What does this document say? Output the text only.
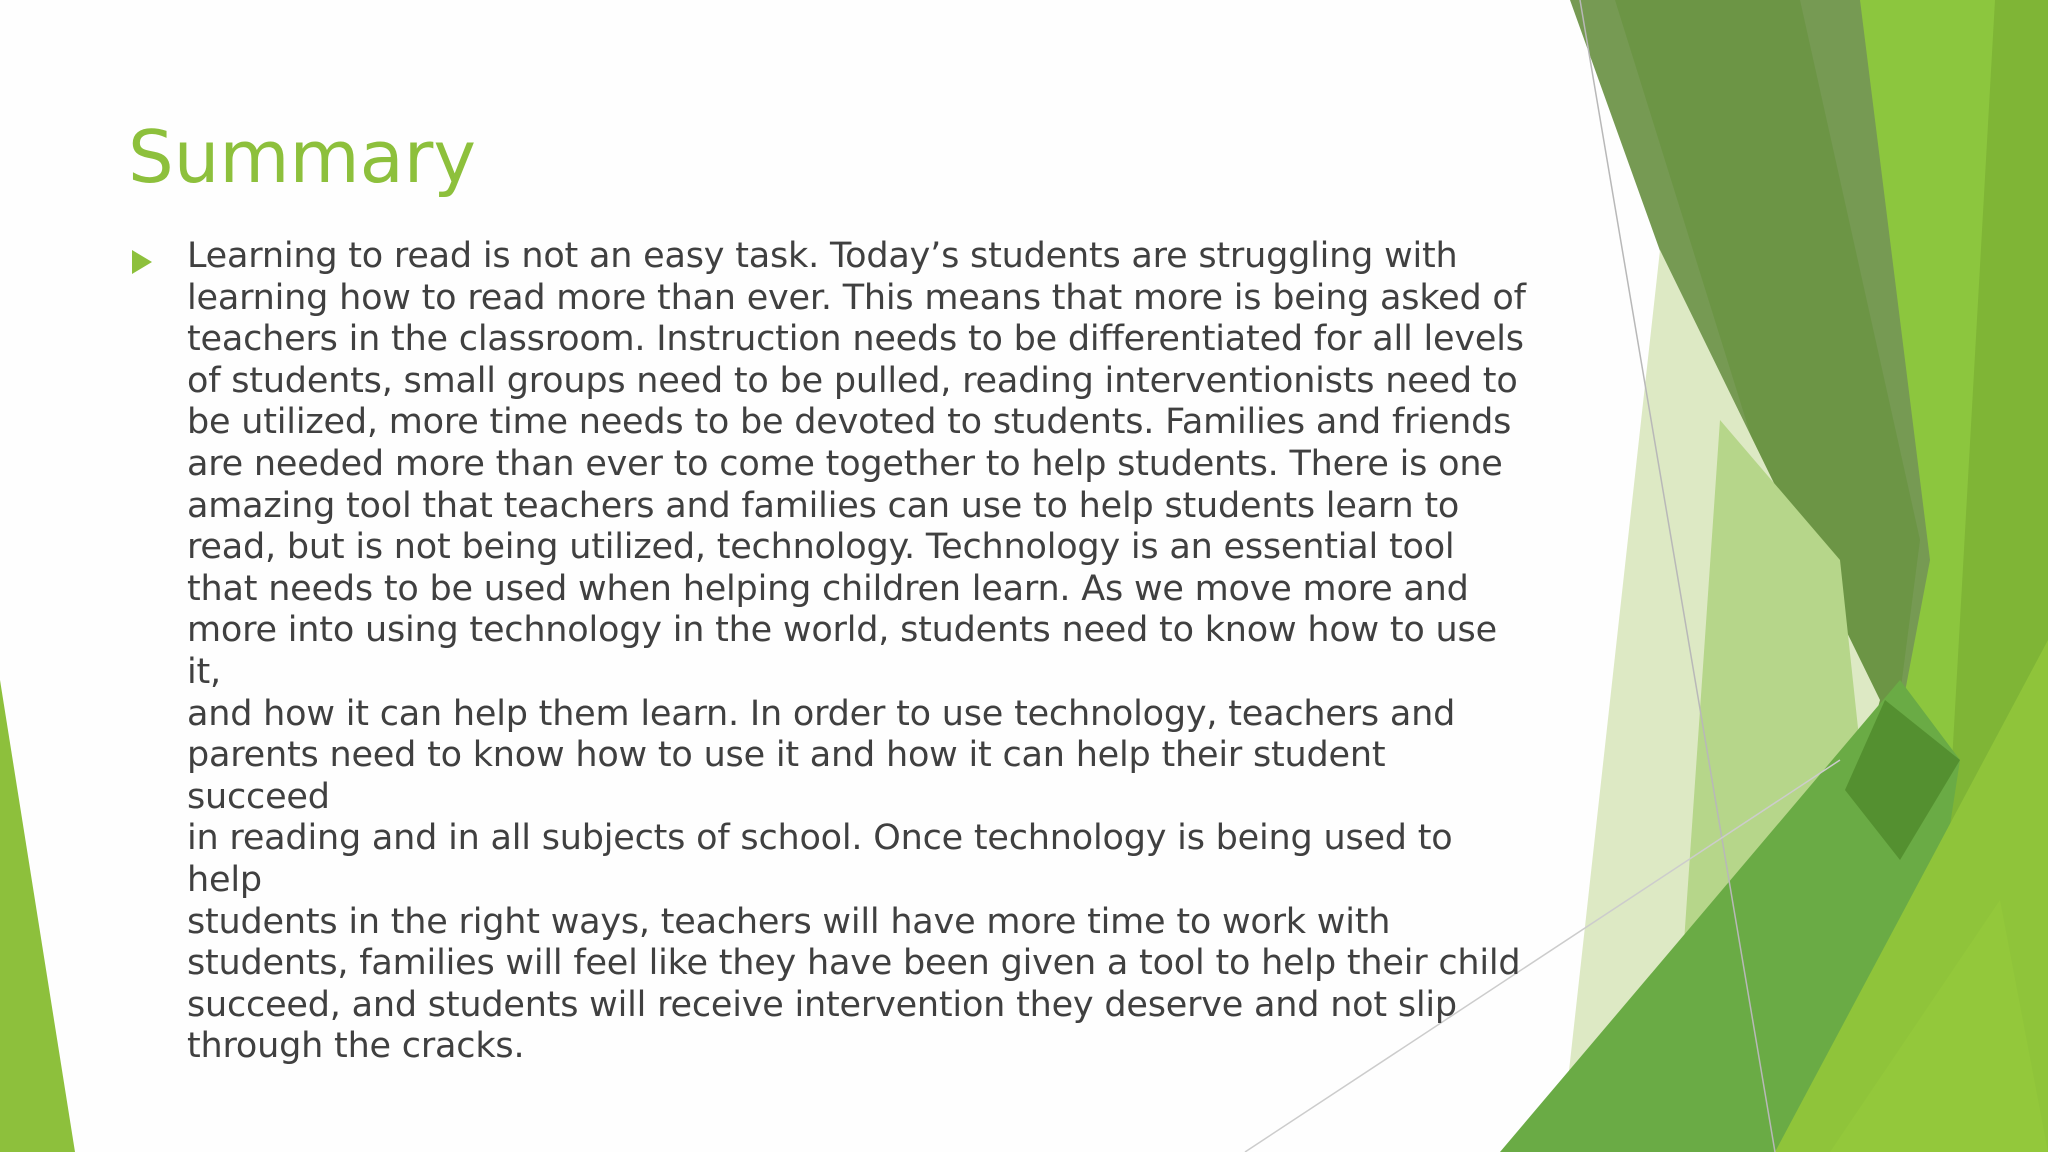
Summary

Learning to read is not an easy task. Today’s students are struggling with
learning how to read more than ever. This means that more is being asked of
teachers in the classroom. Instruction needs to be differentiated for all levels
of students, small groups need to be pulled, reading interventionists need to
be utilized, more time needs to be devoted to students. Families and friends
are needed more than ever to come together to help students. There is one
amazing tool that teachers and families can use to help students learn to
read, but is not being utilized, technology. Technology is an essential tool
that needs to be used when helping children learn. As we move more and
more into using technology in the world, students need to know how to use it,
and how it can help them learn. In order to use technology, teachers and
parents need to know how to use it and how it can help their student succeed
in reading and in all subjects of school. Once technology is being used to help
students in the right ways, teachers will have more time to work with
students, families will feel like they have been given a tool to help their child
succeed, and students will receive intervention they deserve and not slip
through the cracks.
